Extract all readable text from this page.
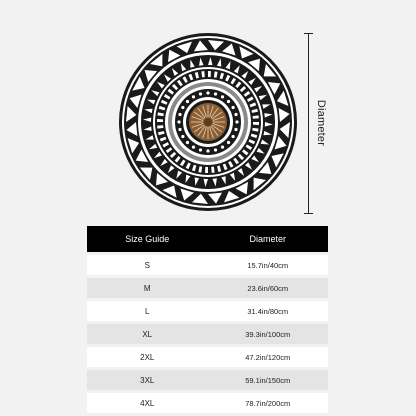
Diameter
Size Guide	Diameter
S	15.7in/40cm
M	23.6in/60cm
L	31.4in/80cm
XL	39.3in/100cm
2XL	47.2in/120cm
3XL	59.1in/150cm
4XL	78.7in/200cm
